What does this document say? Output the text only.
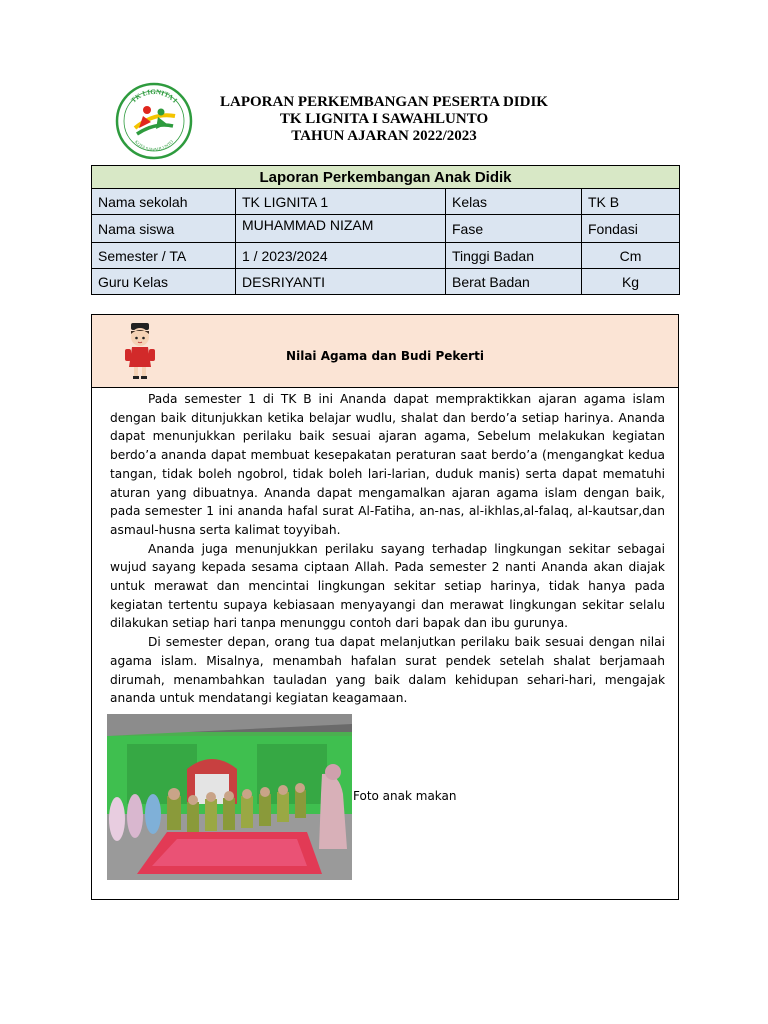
TK LIGNITA I
KOTA SAWAHLUNTO
LAPORAN PERKEMBANGAN PESERTA DIDIK
TK LIGNITA I SAWAHLUNTO
TAHUN AJARAN 2022/2023
Laporan Perkembangan Anak Didik			
Nama sekolah	TK LIGNITA 1	Kelas	TK B
Nama siswa	MUHAMMAD NIZAM	Fase	Fondasi
Semester / TA	1 / 2023/2024	Tinggi Badan	Cm
Guru Kelas	DESRIYANTI	Berat Badan	Kg
Nilai Agama dan Budi Pekerti

Pada semester 1 di TK B ini Ananda dapat mempraktikkan ajaran agama islam dengan baik ditunjukkan ketika belajar wudlu, shalat dan berdo’a setiap harinya. Ananda dapat menunjukkan perilaku baik sesuai ajaran agama, Sebelum melakukan kegiatan berdo’a ananda dapat membuat kesepakatan peraturan saat berdo’a (mengangkat kedua tangan, tidak boleh ngobrol, tidak boleh lari-larian, duduk manis) serta dapat mematuhi aturan yang dibuatnya. Ananda dapat mengamalkan ajaran agama islam dengan baik, pada semester 1 ini ananda hafal surat Al-Fatiha, an-nas, al-ikhlas,al-falaq, al-kautsar,dan asmaul-husna serta kalimat toyyibah.

Ananda juga menunjukkan perilaku sayang terhadap lingkungan sekitar sebagai wujud sayang kepada sesama ciptaan Allah. Pada semester 2 nanti Ananda akan diajak untuk merawat dan mencintai lingkungan sekitar setiap harinya, tidak hanya pada kegiatan tertentu supaya kebiasaan menyayangi dan merawat lingkungan sekitar selalu dilakukan setiap hari tanpa menunggu contoh dari bapak dan ibu gurunya.

Di semester depan, orang tua dapat melanjutkan perilaku baik sesuai dengan nilai agama islam. Misalnya, menambah hafalan surat pendek setelah shalat berjamaah dirumah, menambahkan tauladan yang baik dalam kehidupan sehari-hari, mengajak ananda untuk mendatangi kegiatan keagamaan.

Foto anak makan
